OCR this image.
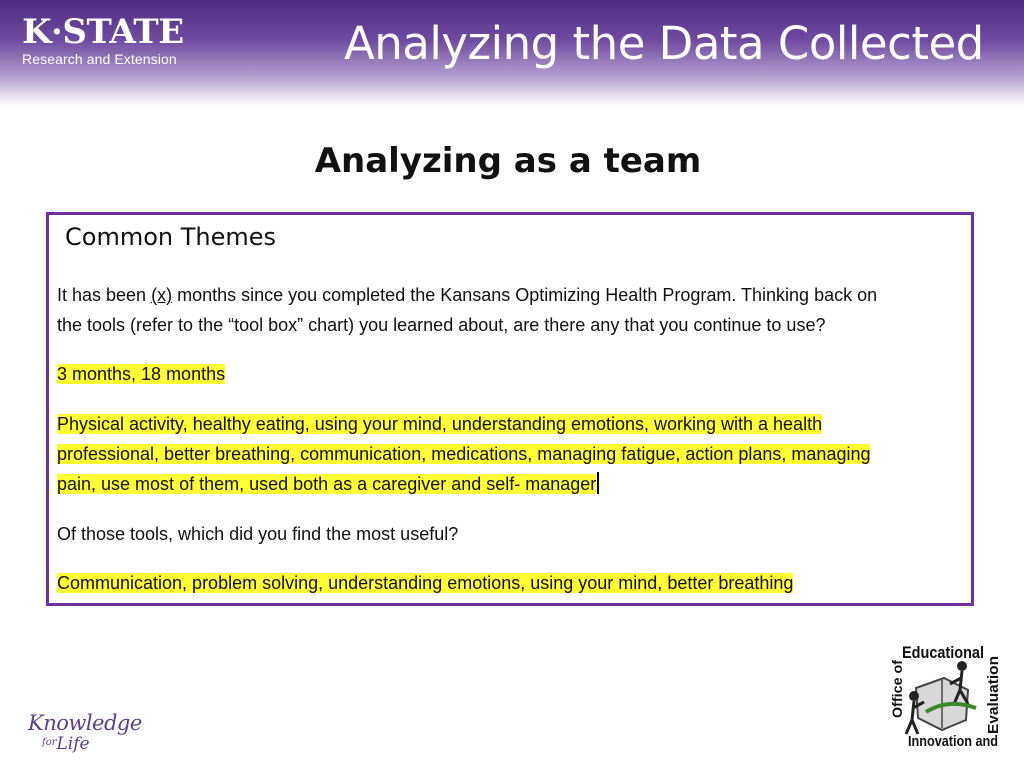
K·STATE
Research and Extension	Analyzing the Data Collected
Analyzing as a team
Common Themes
It has been (x) months since you completed the Kansans Optimizing Health Program. Thinking back on
the tools (refer to the “tool box” chart) you learned about, are there any that you continue to use?
3 months, 18 months
Physical activity, healthy eating, using your mind, understanding emotions, working with a health
professional, better breathing, communication, medications, managing fatigue, action plans, managing
pain, use most of them, used both as a caregiver and self- manager
Of those tools, which did you find the most useful?
Communication, problem solving, understanding emotions, using your mind, better breathing
Knowledge
$^{for}$Life
Educational
Office of	Evaluation
Innovation and
